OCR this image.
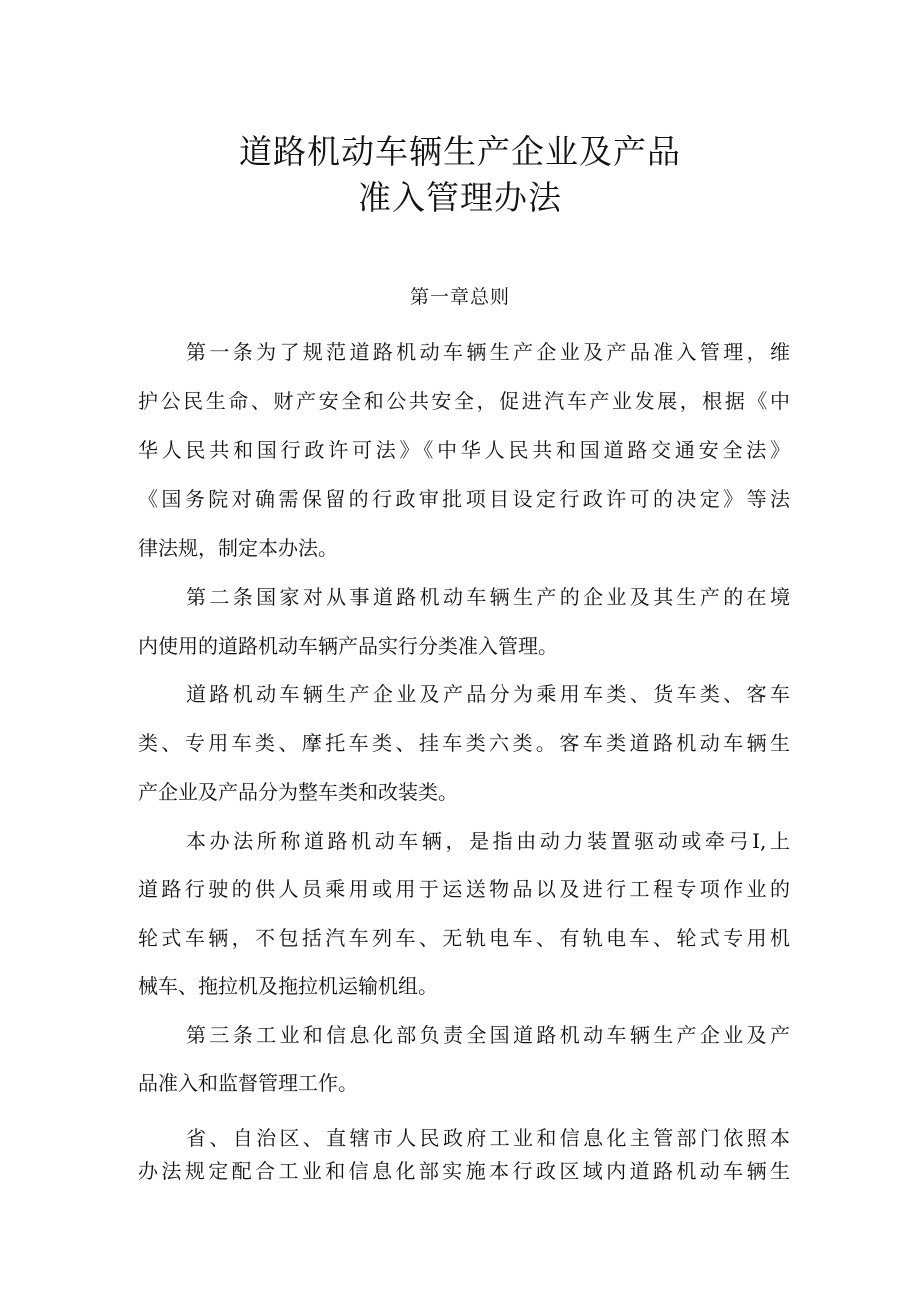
道路机动车辆生产企业及产品
准入管理办法
第一章总则
第一条为了规范道路机动车辆生产企业及产品准入管理，维
护公民生命、财产安全和公共安全，促进汽车产业发展，根据《中
华人民共和国行政许可法》《中华人民共和国道路交通安全法》
《国务院对确需保留的行政审批项目设定行政许可的决定》等法
律法规，制定本办法。
第二条国家对从事道路机动车辆生产的企业及其生产的在境
内使用的道路机动车辆产品实行分类准入管理。
道路机动车辆生产企业及产品分为乘用车类、货车类、客车
类、专用车类、摩托车类、挂车类六类。客车类道路机动车辆生
产企业及产品分为整车类和改装类。
本办法所称道路机动车辆，是指由动力装置驱动或牵弓I,上
道路行驶的供人员乘用或用于运送物品以及进行工程专项作业的
轮式车辆，不包括汽车列车、无轨电车、有轨电车、轮式专用机
械车、拖拉机及拖拉机运输机组。
第三条工业和信息化部负责全国道路机动车辆生产企业及产
品准入和监督管理工作。
省、自治区、直辖市人民政府工业和信息化主管部门依照本
办法规定配合工业和信息化部实施本行政区域内道路机动车辆生
